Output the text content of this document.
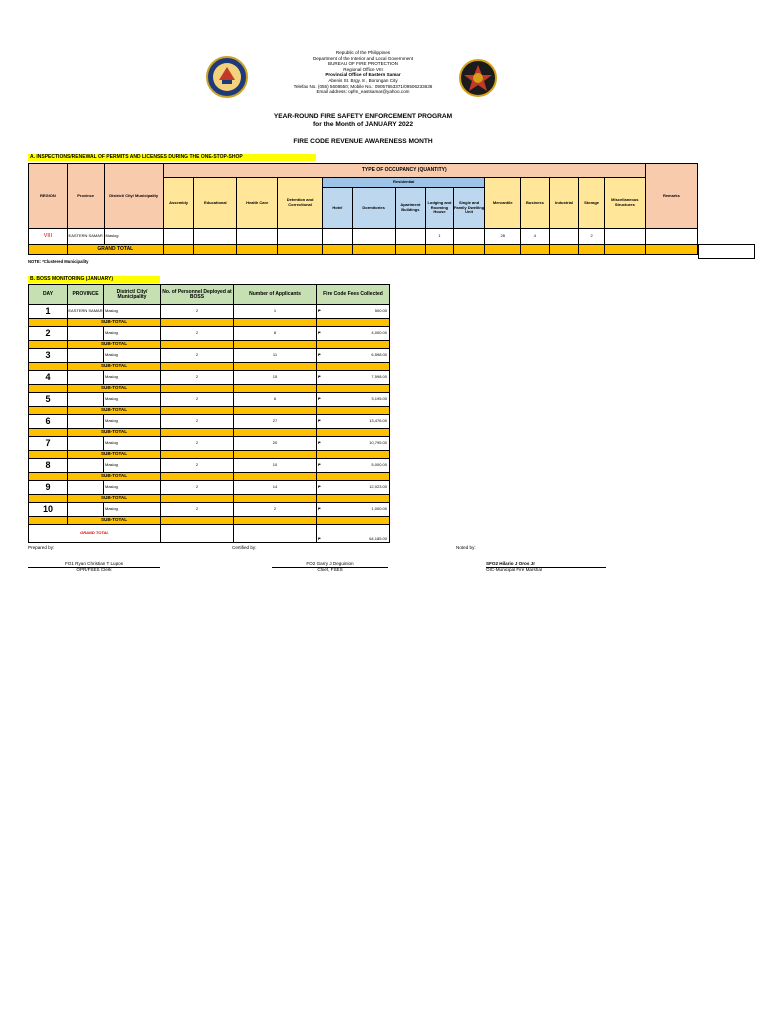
Republic of the Philippines
Department of the Interior and Local Government
BUREAU OF FIRE PROTECTION
Regional Office VIII
Provincial Office of Eastern Samar
Abenis St. Brgy. 8 , Borongan City
Telefax No. (055) 5608550; Mobile No.: 09057653371/09506233636
Email address: opfm_eastsamar@yahoo.com
YEAR-ROUND FIRE SAFETY ENFORCEMENT PROGRAM
for the Month of JANUARY 2022
FIRE CODE REVENUE AWARENESS MONTH
A. INSPECTIONS/RENEWAL OF PERMITS AND LICENSES DURING THE ONE-STOP-SHOP
REGION	Province	District/ City/ Municipality	TYPE OF OCCUPANCY (QUANTITY)														Remarks
			Assembly	Educational	Health Care	Detention and Correctional	Residential					Mercantile	Business	Industrial	Storage	Miscellaneous Structures	
							Hotel	Dormitories	Apartment Buildings	Lodging and Rooming House	Single and Family Dwelling Unit						
VIII	EASTERN SAMAR	Maslog								1		28	4		2		
	GRAND TOTAL																
NOTE: *Clustered Municipality
B. BOSS MONITORING (JANUARY)
DAY	PROVINCE	District/ City/ Municipality	No. of Personnel Deployed at BOSS	Number of Applicants	Fire Code Fees Collected
1	EASTERN SAMAR	Maslog	2	1	₱ 500.00

	SUB-TOTAL				
2		Maslog	2	8	₱ 4,000.00

	SUB-TOTAL				
3		Maslog	2	11	₱ 6,598.00

	SUB-TOTAL				
4		Maslog	2	15	₱ 7,598.00

	SUB-TOTAL				
5		Maslog	2	6	₱ 3,195.00

	SUB-TOTAL				
6		Maslog	2	27	₱ 13,476.00

	SUB-TOTAL				
7		Maslog	2	20	₱ 10,795.00

	SUB-TOTAL				
8		Maslog	2	10	₱ 5,000.00

	SUB-TOTAL				
9		Maslog	2	14	₱ 12,023.00

	SUB-TOTAL				
10		Maslog	2	2	₱ 1,000.00

	SUB-TOTAL				
GRAND TOTAL					₱ 64,185.00
Prepared by:	Certified by:	Noted by:
FO1 Ryan Christian T Lupos
OPR/FSES Clerk
FO2 Garry J Deguinion
Chief, FSES
SFO2 Hilario J Oros Jr
OIC-Municipal Fire Marshal
